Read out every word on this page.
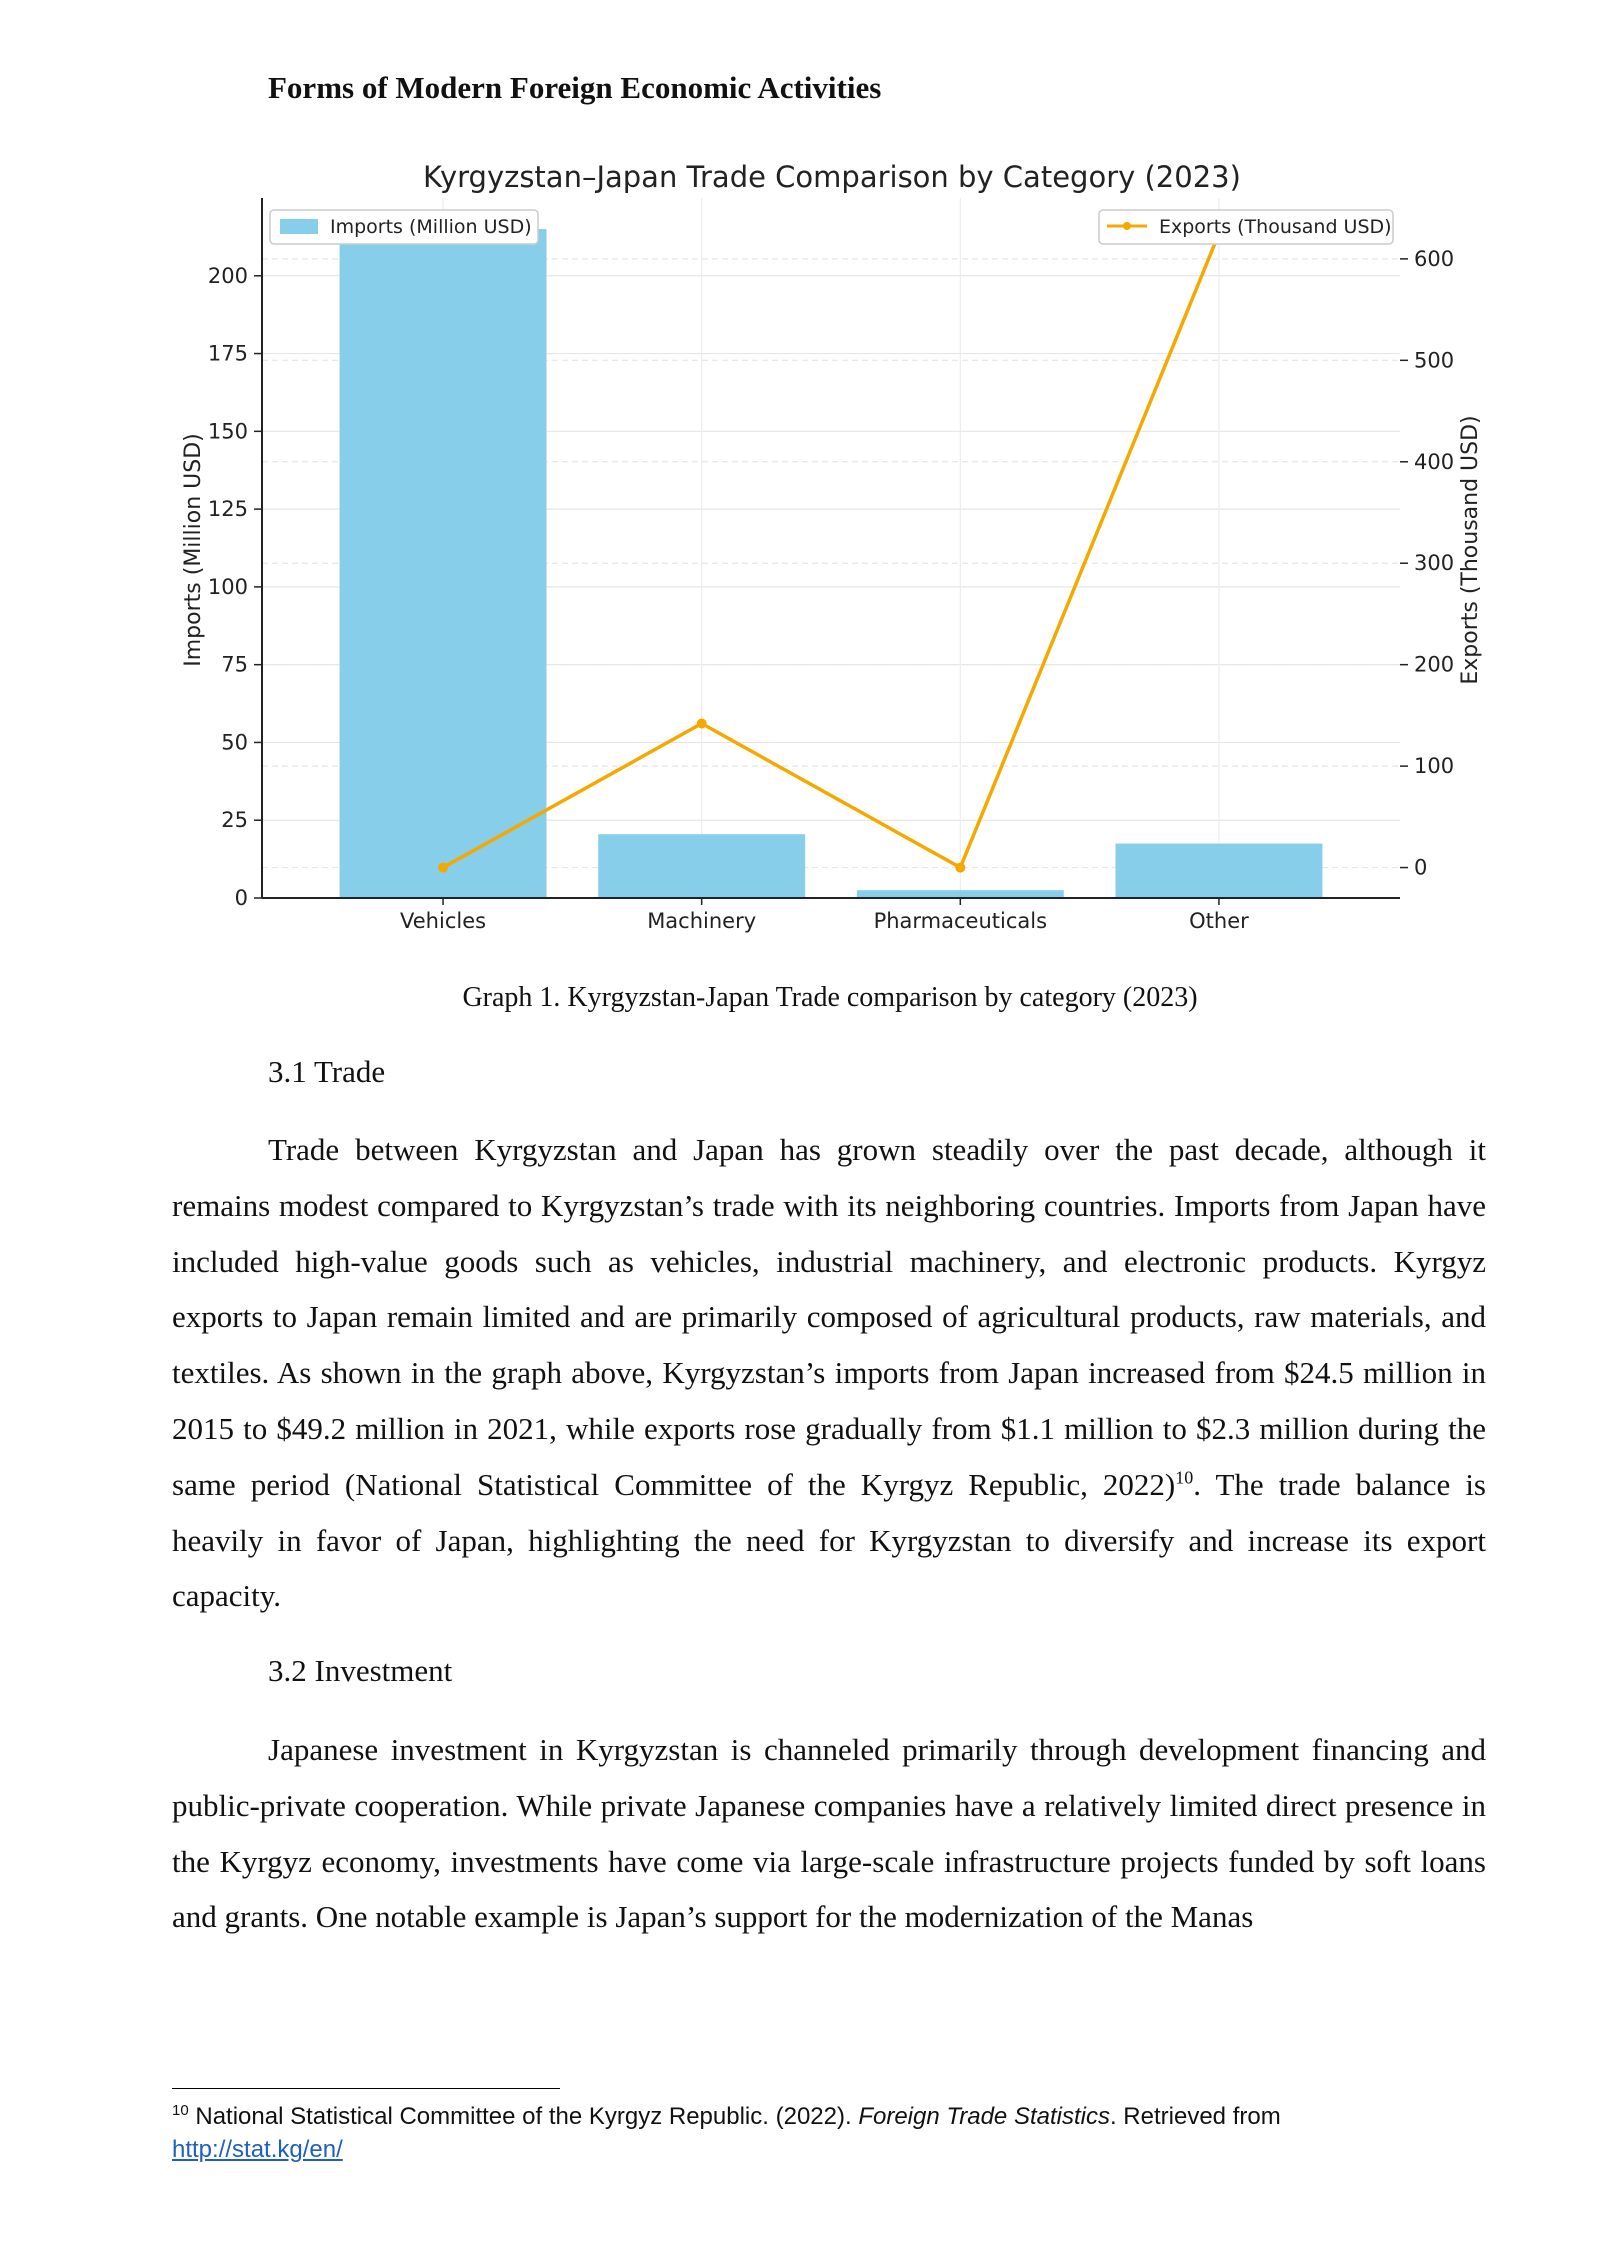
Forms of Modern Foreign Economic Activities
Kyrgyzstan–Japan Trade Comparison by Category (2023)
0
25
50
75
100
125
150
175
200
0
100
200
300
400
500
600
Vehicles	Machinery	Pharmaceuticals	Other
Imports (Million USD)	Exports (Thousand USD)
Imports (Million USD)	Exports (Thousand USD)
Graph 1. Kyrgyzstan-Japan Trade comparison by category (2023)
3.1 Trade
Trade between Kyrgyzstan and Japan has grown steadily over the past decade, although it remains modest compared to Kyrgyzstan’s trade with its neighboring countries. Imports from Japan have included high-value goods such as vehicles, industrial machinery, and electronic products. Kyrgyz exports to Japan remain limited and are primarily composed of agricultural products, raw materials, and textiles. As shown in the graph above, Kyrgyzstan’s imports from Japan increased from $24.5 million in 2015 to $49.2 million in 2021, while exports rose gradually from $1.1 million to $2.3 million during the same period (National Statistical Committee of the Kyrgyz Republic, 2022)$^{10}$. The trade balance is heavily in favor of Japan, highlighting the need for Kyrgyzstan to diversify and increase its export capacity.
3.2 Investment
Japanese investment in Kyrgyzstan is channeled primarily through development financing and public-private cooperation. While private Japanese companies have a relatively limited direct presence in the Kyrgyz economy, investments have come via large-scale infrastructure projects funded by soft loans and grants. One notable example is Japan’s support for the modernization of the Manas
$^{10}$ National Statistical Committee of the Kyrgyz Republic. (2022). Foreign Trade Statistics. Retrieved from
http://stat.kg/en/
